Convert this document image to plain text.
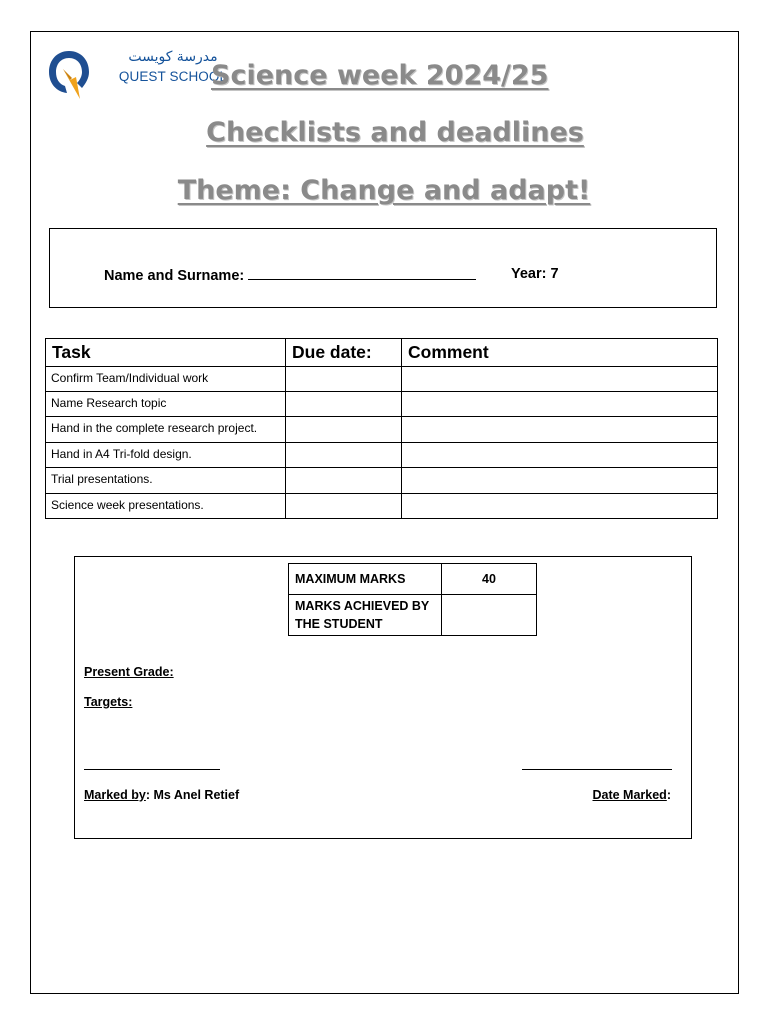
مدرسة كويست
QUEST SCHOOL
Science week 2024/25
Checklists and deadlines
Theme: Change and adapt!
Name and Surname:	Year: 7
Task	Due date:	Comment
Confirm Team/Individual work		
Name Research topic		
Hand in the complete research project.		
Hand in A4 Tri-fold design.		
Trial presentations.		
Science week presentations.		
MAXIMUM MARKS	40
MARKS ACHIEVED BY THE STUDENT	
Present Grade:
Targets:
Marked by: Ms Anel Retief	Date Marked:
